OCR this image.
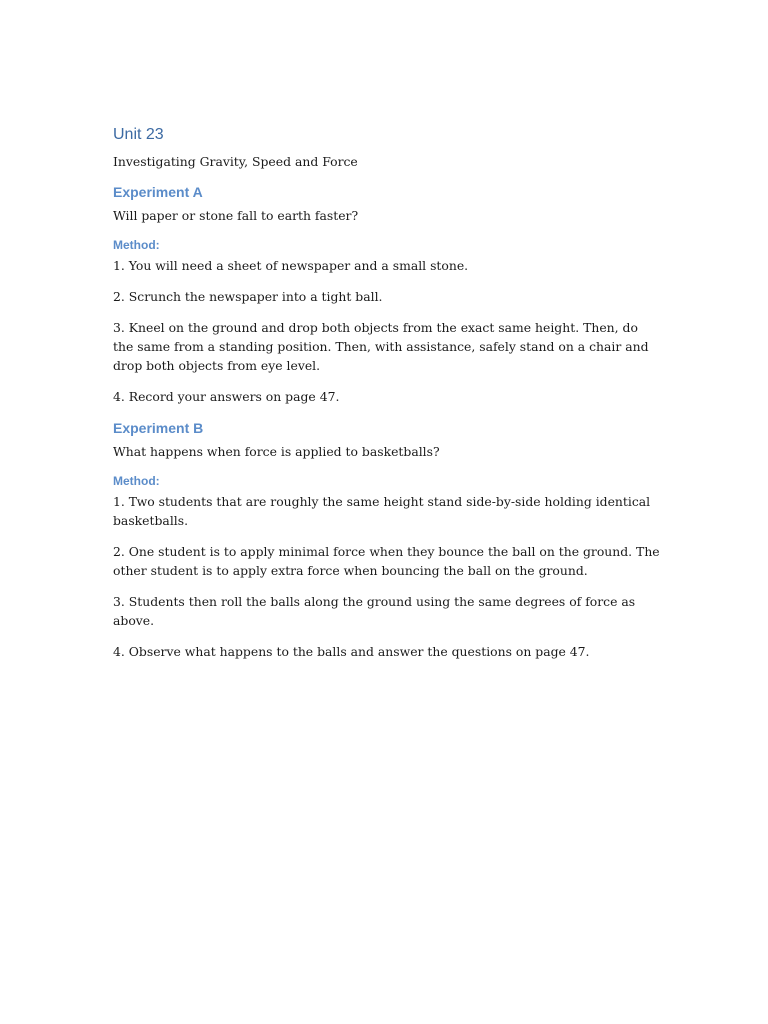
Unit 23

Investigating Gravity, Speed and Force

Experiment A

Will paper or stone fall to earth faster?

Method:

1. You will need a sheet of newspaper and a small stone.

2. Scrunch the newspaper into a tight ball.

3. Kneel on the ground and drop both objects from the exact same height. Then, do the same from a standing position. Then, with assistance, safely stand on a chair and drop both objects from eye level.

4. Record your answers on page 47.

Experiment B

What happens when force is applied to basketballs?

Method:

1. Two students that are roughly the same height stand side-by-side holding identical basketballs.

2. One student is to apply minimal force when they bounce the ball on the ground. The other student is to apply extra force when bouncing the ball on the ground.

3. Students then roll the balls along the ground using the same degrees of force as above.

4. Observe what happens to the balls and answer the questions on page 47.
